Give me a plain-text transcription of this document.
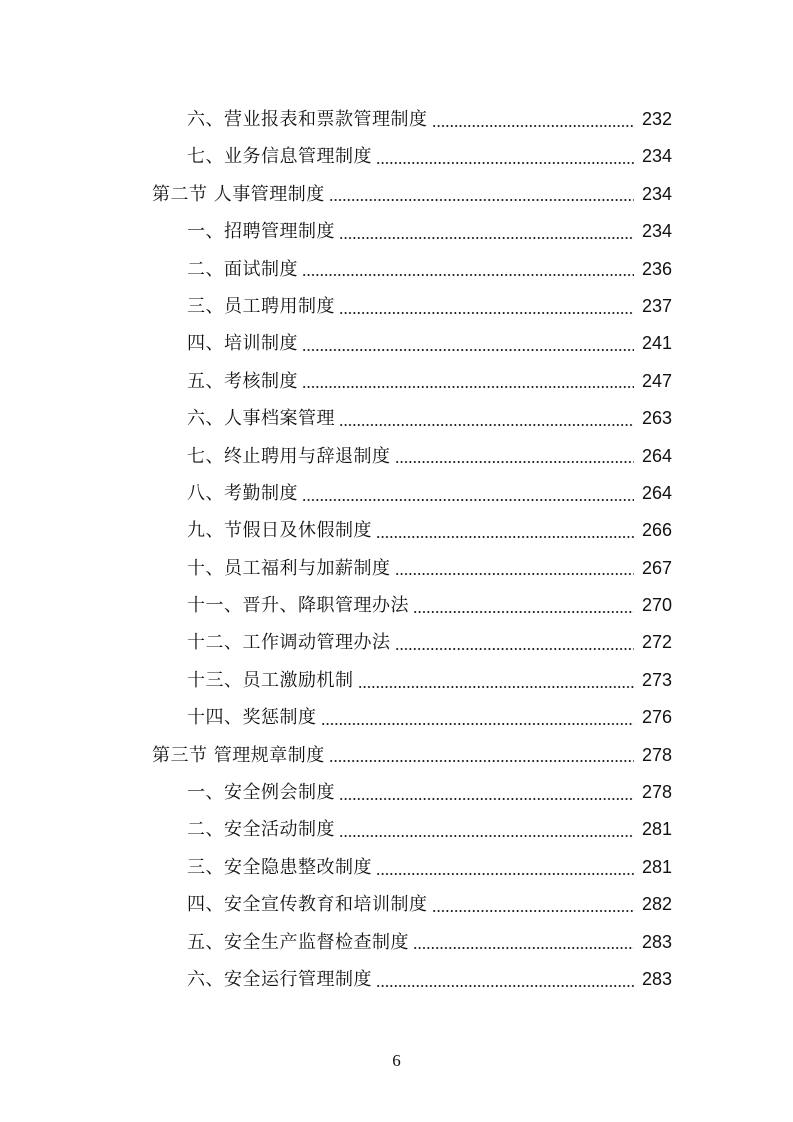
六、营业报表和票款管理制度	232
七、业务信息管理制度	234
第二节 人事管理制度	234
一、招聘管理制度	234
二、面试制度	236
三、员工聘用制度	237
四、培训制度	241
五、考核制度	247
六、人事档案管理	263
七、终止聘用与辞退制度	264
八、考勤制度	264
九、节假日及休假制度	266
十、员工福利与加薪制度	267
十一、晋升、降职管理办法	270
十二、工作调动管理办法	272
十三、员工激励机制	273
十四、奖惩制度	276
第三节 管理规章制度	278
一、安全例会制度	278
二、安全活动制度	281
三、安全隐患整改制度	281
四、安全宣传教育和培训制度	282
五、安全生产监督检查制度	283
六、安全运行管理制度	283
6
